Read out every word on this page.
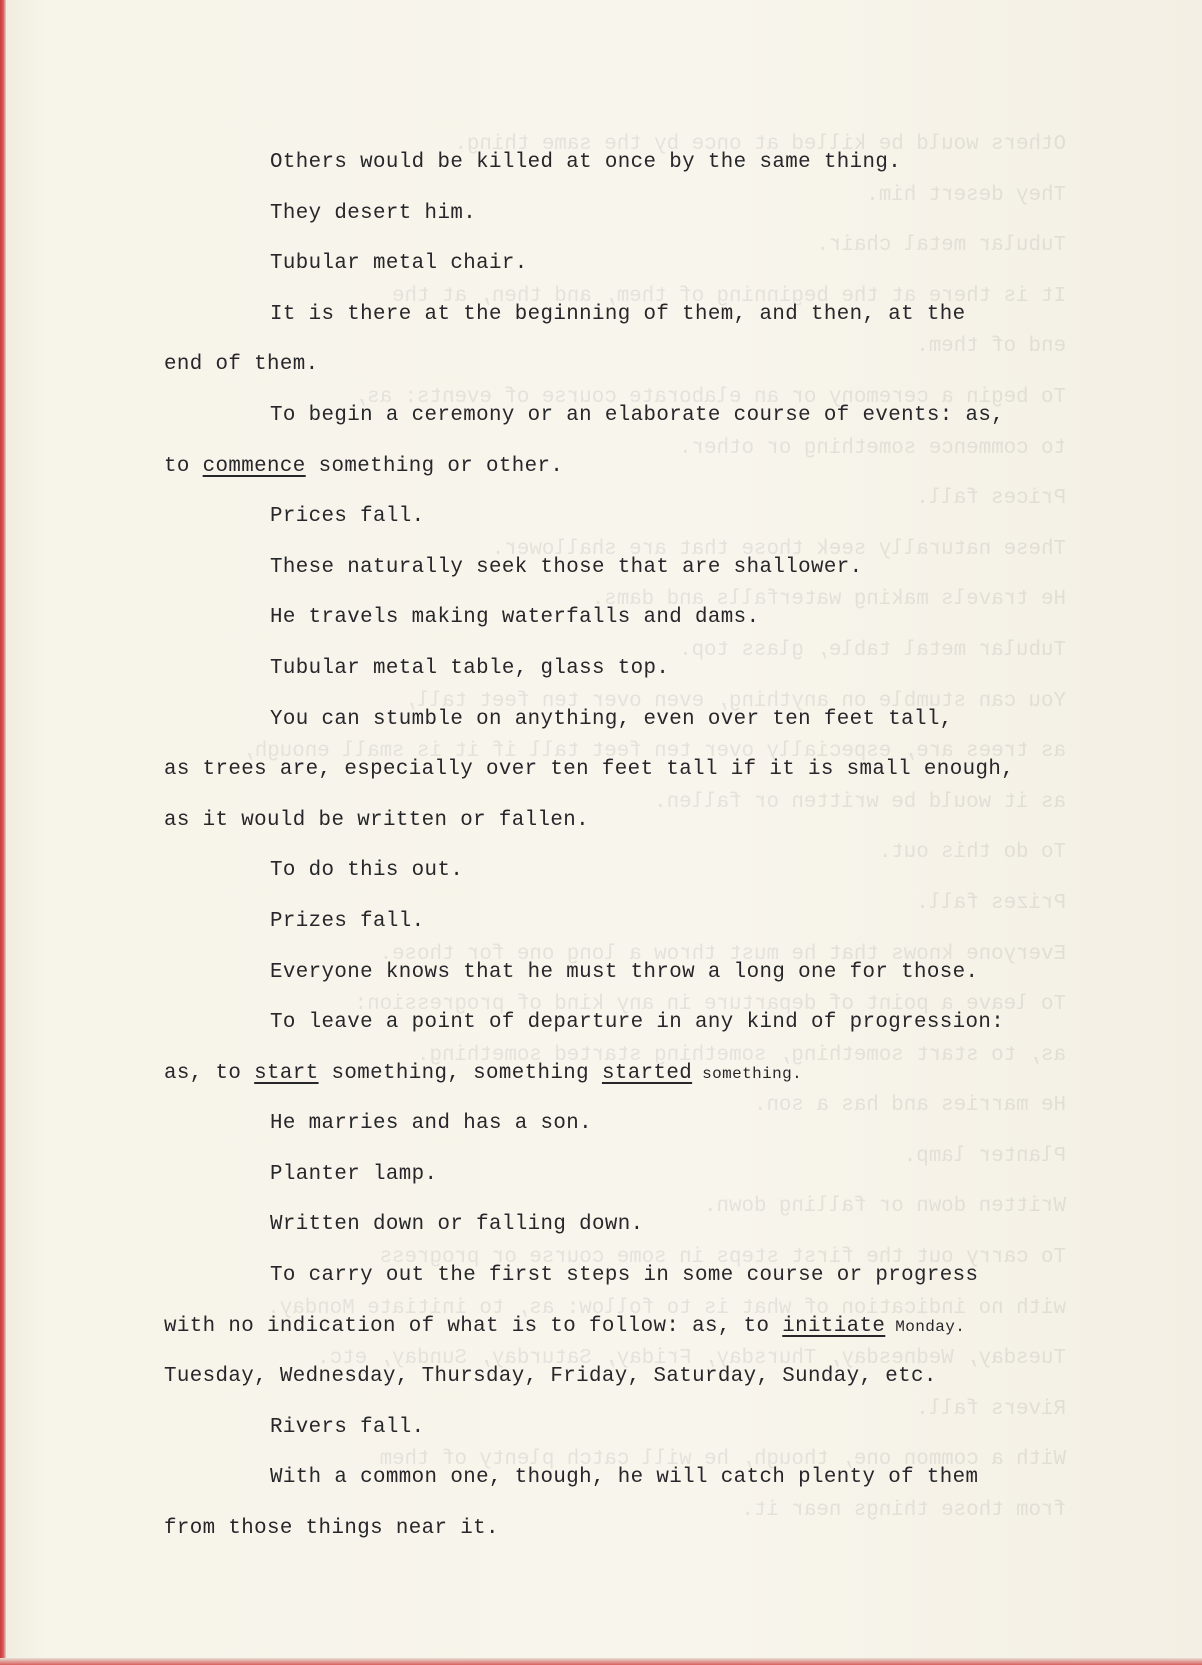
Others would be killed at once by the same thing.
They desert him.
Tubular metal chair.
It is there at the beginning of them, and then, at the
end of them.
To begin a ceremony or an elaborate course of events: as,
to commence something or other.
Prices fall.
These naturally seek those that are shallower.
He travels making waterfalls and dams.
Tubular metal table, glass top.
You can stumble on anything, even over ten feet tall,
as trees are, especially over ten feet tall if it is small enough,
as it would be written or fallen.
To do this out.
Prizes fall.
Everyone knows that he must throw a long one for those.
To leave a point of departure in any kind of progression:
as, to start something, something started something.
He marries and has a son.
Planter lamp.
Written down or falling down.
To carry out the first steps in some course or progress
with no indication of what is to follow: as, to initiate Monday.
Tuesday, Wednesday, Thursday, Friday, Saturday, Sunday, etc.
Rivers fall.
With a common one, though, he will catch plenty of them
from those things near it.
Others would be killed at once by the same thing.
They desert him.
Tubular metal chair.
It is there at the beginning of them, and then, at the
end of them.
To begin a ceremony or an elaborate course of events: as,
to commence something or other.
Prices fall.
These naturally seek those that are shallower.
He travels making waterfalls and dams.
Tubular metal table, glass top.
You can stumble on anything, even over ten feet tall,
as trees are, especially over ten feet tall if it is small enough,
as it would be written or fallen.
To do this out.
Prizes fall.
Everyone knows that he must throw a long one for those.
To leave a point of departure in any kind of progression:
as, to start something, something started something.
He marries and has a son.
Planter lamp.
Written down or falling down.
To carry out the first steps in some course or progress
with no indication of what is to follow: as, to initiate Monday.
Tuesday, Wednesday, Thursday, Friday, Saturday, Sunday, etc.
Rivers fall.
With a common one, though, he will catch plenty of them
from those things near it.
